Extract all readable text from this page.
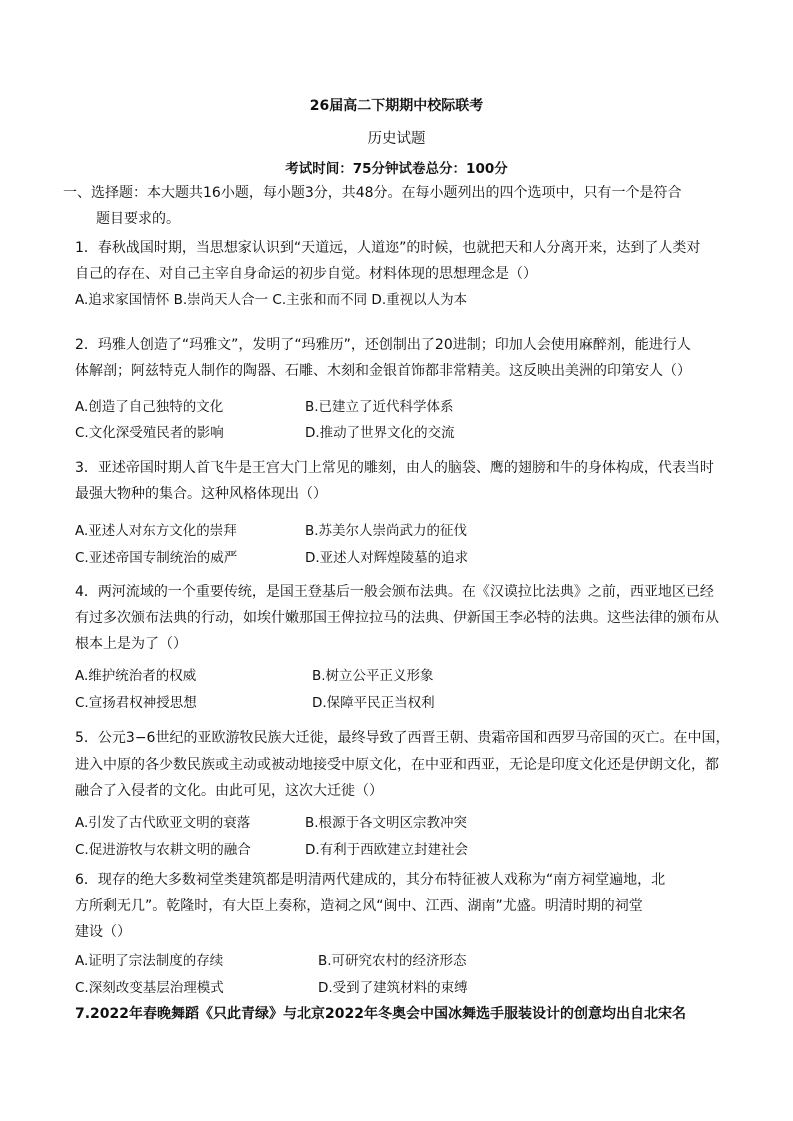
26届高二下期期中校际联考
历史试题
考试时间：75分钟试卷总分：100分
一、选择题：本大题共16小题，每小题3分，共48分。在每小题列出的四个选项中，只有一个是符合
题目要求的。
1．春秋战国时期，当思想家认识到“天道远，人道迩”的时候，也就把天和人分离开来，达到了人类对
自己的存在、对自己主宰自身命运的初步自觉。材料体现的思想理念是（）
A.追求家国情怀 B.崇尚天人合一 C.主张和而不同 D.重视以人为本
2．玛雅人创造了“玛雅文”，发明了“玛雅历”，还创制出了20进制；印加人会使用麻醉剂，能进行人
体解剖；阿兹特克人制作的陶器、石雕、木刻和金银首饰都非常精美。这反映出美洲的印第安人（）
A.创造了自己独特的文化	B.已建立了近代科学体系
C.文化深受殖民者的影响	D.推动了世界文化的交流
3．亚述帝国时期人首飞牛是王宫大门上常见的雕刻，由人的脑袋、鹰的翅膀和牛的身体构成，代表当时
最强大物种的集合。这种风格体现出（）
A.亚述人对东方文化的崇拜	B.苏美尔人崇尚武力的征伐
C.亚述帝国专制统治的威严	D.亚述人对辉煌陵墓的追求
4．两河流域的一个重要传统，是国王登基后一般会颁布法典。在《汉谟拉比法典》之前，西亚地区已经
有过多次颁布法典的行动，如埃什嫩那国王俾拉拉马的法典、伊新国王李必特的法典。这些法律的颁布从
根本上是为了（）
A.维护统治者的权威	B.树立公平正义形象
C.宣扬君权神授思想	D.保障平民正当权利
5．公元3−6世纪的亚欧游牧民族大迁徙，最终导致了西晋王朝、贵霜帝国和西罗马帝国的灭亡。在中国，
进入中原的各少数民族或主动或被动地接受中原文化，在中亚和西亚，无论是印度文化还是伊朗文化，都
融合了入侵者的文化。由此可见，这次大迁徙（）
A.引发了古代欧亚文明的衰落	B.根源于各文明区宗教冲突
C.促进游牧与农耕文明的融合	D.有利于西欧建立封建社会
6．现存的绝大多数祠堂类建筑都是明清两代建成的，其分布特征被人戏称为“南方祠堂遍地，北
方所剩无几”。乾隆时，有大臣上奏称，造祠之风“闽中、江西、湖南”尤盛。明清时期的祠堂
建设（）
A.证明了宗法制度的存续	B.可研究农村的经济形态
C.深刻改变基层治理模式	D.受到了建筑材料的束缚
7.2022年春晚舞蹈《只此青绿》与北京2022年冬奥会中国冰舞选手服装设计的创意均出自北宋名
